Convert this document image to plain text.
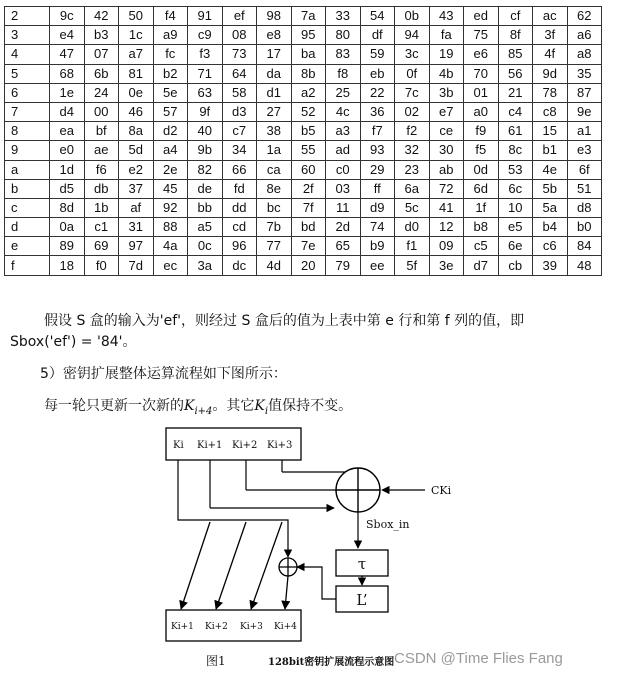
2	9c	42	50	f4	91	ef	98	7a	33	54	0b	43	ed	cf	ac	62
3	e4	b3	1c	a9	c9	08	e8	95	80	df	94	fa	75	8f	3f	a6
4	47	07	a7	fc	f3	73	17	ba	83	59	3c	19	e6	85	4f	a8
5	68	6b	81	b2	71	64	da	8b	f8	eb	0f	4b	70	56	9d	35
6	1e	24	0e	5e	63	58	d1	a2	25	22	7c	3b	01	21	78	87
7	d4	00	46	57	9f	d3	27	52	4c	36	02	e7	a0	c4	c8	9e
8	ea	bf	8a	d2	40	c7	38	b5	a3	f7	f2	ce	f9	61	15	a1
9	e0	ae	5d	a4	9b	34	1a	55	ad	93	32	30	f5	8c	b1	e3
a	1d	f6	e2	2e	82	66	ca	60	c0	29	23	ab	0d	53	4e	6f
b	d5	db	37	45	de	fd	8e	2f	03	ff	6a	72	6d	6c	5b	51
c	8d	1b	af	92	bb	dd	bc	7f	11	d9	5c	41	1f	10	5a	d8
d	0a	c1	31	88	a5	cd	7b	bd	2d	74	d0	12	b8	e5	b4	b0
e	89	69	97	4a	0c	96	77	7e	65	b9	f1	09	c5	6e	c6	84
f	18	f0	7d	ec	3a	dc	4d	20	79	ee	5f	3e	d7	cb	39	48

假设 S 盒的输入为'ef'，则经过 S 盒后的值为上表中第 e 行和第 f 列的值，即

Sbox('ef') = '84'。

5）密钥扩展整体运算流程如下图所示：

每一轮只更新一次新的$K_{i+4}$。其它$K_i$值保持不变。

Ki Ki+1 Ki+2 Ki+3
CKi
Sbox_in
τ
L’
Ki+1 Ki+2 Ki+3 Ki+4
图1	128bit密钥扩展流程示意图 CSDN @Time Flies Fang
